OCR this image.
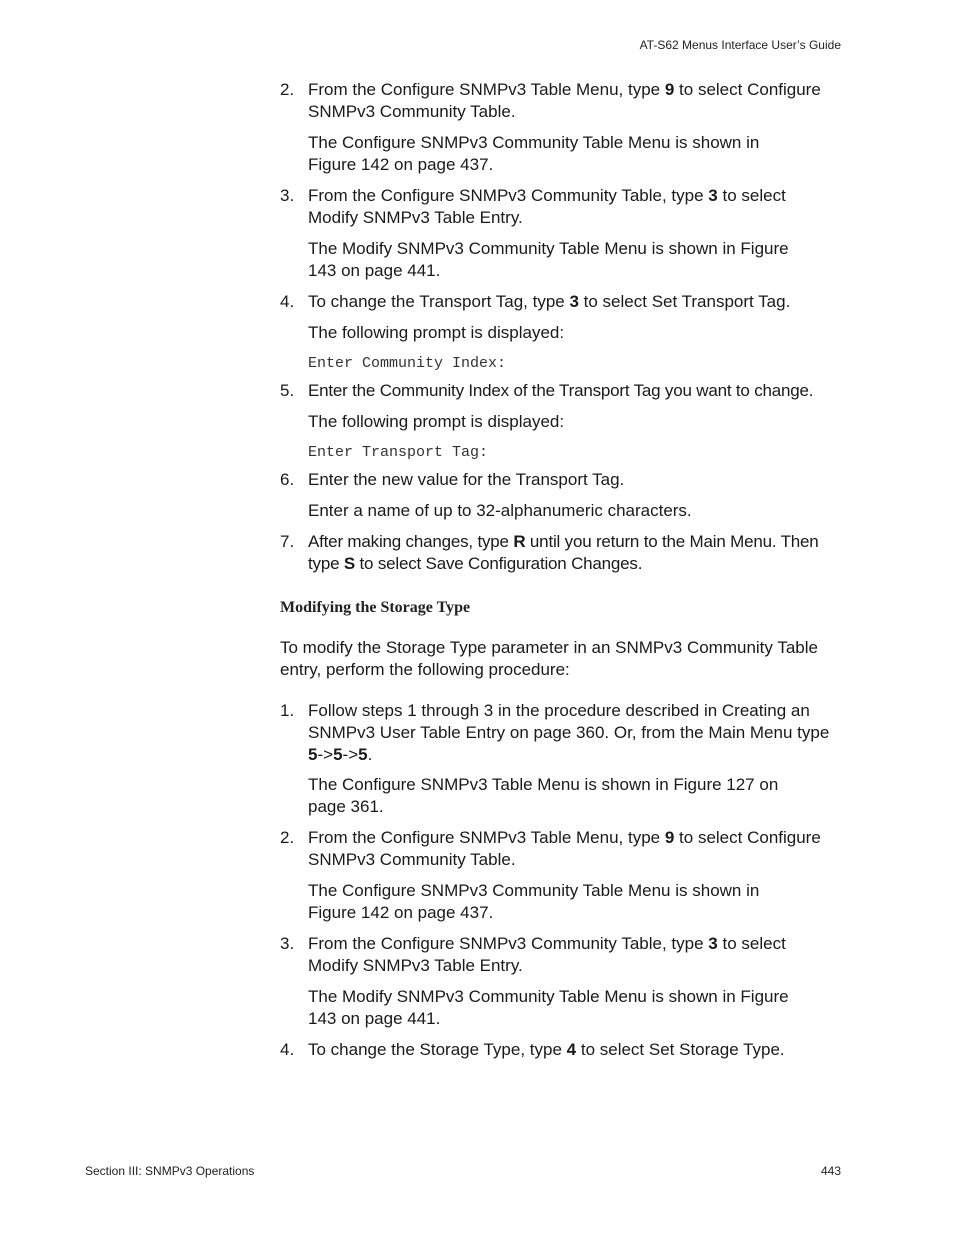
AT-S62 Menus Interface User’s Guide
2. From the Configure SNMPv3 Table Menu, type 9 to select Configure SNMPv3 Community Table.
The Configure SNMPv3 Community Table Menu is shown in Figure 142 on page 437.
3. From the Configure SNMPv3 Community Table, type 3 to select Modify SNMPv3 Table Entry.
The Modify SNMPv3 Community Table Menu is shown in Figure 143 on page 441.
4. To change the Transport Tag, type 3 to select Set Transport Tag.
The following prompt is displayed:
Enter Community Index:
5. Enter the Community Index of the Transport Tag you want to change.
The following prompt is displayed:
Enter Transport Tag:
6. Enter the new value for the Transport Tag.
Enter a name of up to 32-alphanumeric characters.
7. After making changes, type R until you return to the Main Menu. Then type S to select Save Configuration Changes.
Modifying the Storage Type
To modify the Storage Type parameter in an SNMPv3 Community Table entry, perform the following procedure:
1. Follow steps 1 through 3 in the procedure described in Creating an SNMPv3 User Table Entry on page 360. Or, from the Main Menu type 5->5->5.
The Configure SNMPv3 Table Menu is shown in Figure 127 on page 361.
2. From the Configure SNMPv3 Table Menu, type 9 to select Configure SNMPv3 Community Table.
The Configure SNMPv3 Community Table Menu is shown in Figure 142 on page 437.
3. From the Configure SNMPv3 Community Table, type 3 to select Modify SNMPv3 Table Entry.
The Modify SNMPv3 Community Table Menu is shown in Figure 143 on page 441.
4. To change the Storage Type, type 4 to select Set Storage Type.
Section III: SNMPv3 Operations	443
